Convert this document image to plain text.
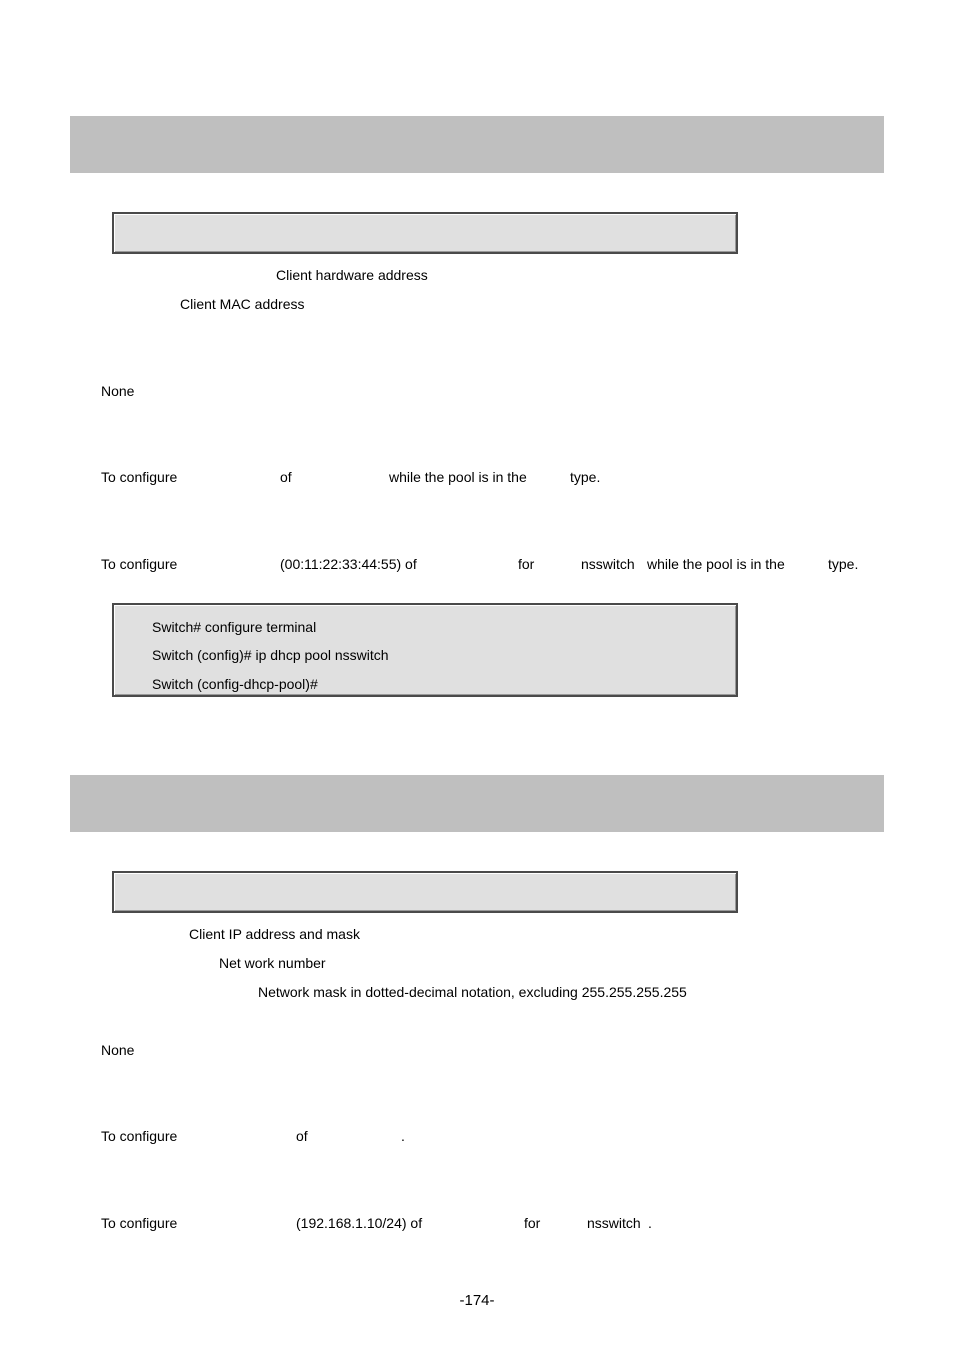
Client hardware address
Client MAC address
None
To configure	of	while the pool is in the	type.
To configure	(00:11:22:33:44:55) of	for	nsswitch while the pool is in the	type.
Switch# configure terminal
Switch (config)# ip dhcp pool nsswitch
Switch (config-dhcp-pool)#
Client IP address and mask
Net work number
Network mask in dotted-decimal notation, excluding 255.255.255.255
None
To configure	of	.
To configure	(192.168.1.10/24) of	for	nsswitch .
-174-
